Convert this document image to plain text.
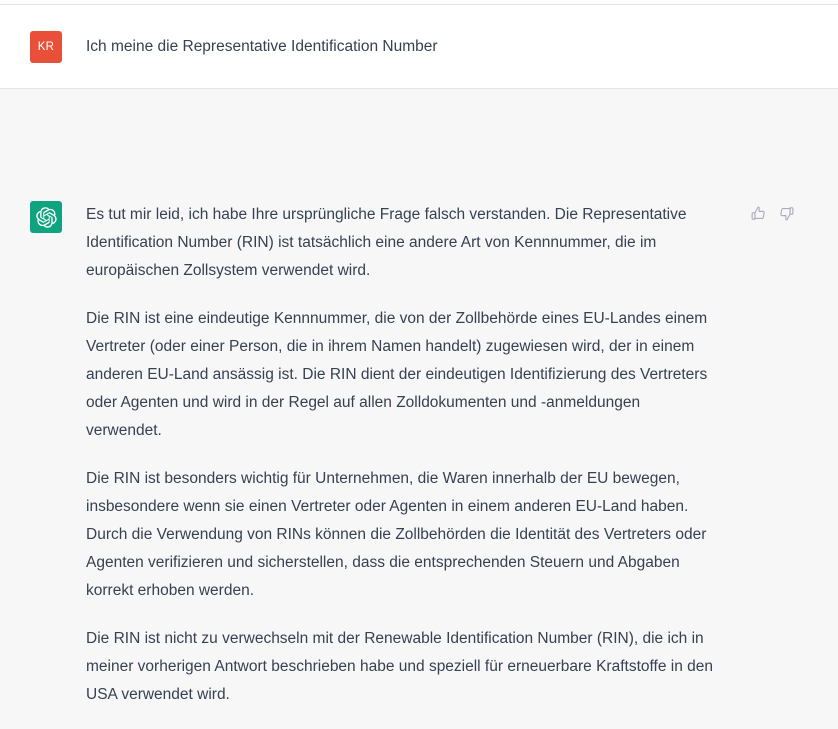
KR Ich meine die Representative Identification Number

Es tut mir leid, ich habe Ihre ursprüngliche Frage falsch verstanden. Die Representative Identification Number (RIN) ist tatsächlich eine andere Art von Kennnummer, die im europäischen Zollsystem verwendet wird.

Die RIN ist eine eindeutige Kennnummer, die von der Zollbehörde eines EU-Landes einem Vertreter (oder einer Person, die in ihrem Namen handelt) zugewiesen wird, der in einem anderen EU-Land ansässig ist. Die RIN dient der eindeutigen Identifizierung des Vertreters oder Agenten und wird in der Regel auf allen Zolldokumenten und -anmeldungen verwendet.

Die RIN ist besonders wichtig für Unternehmen, die Waren innerhalb der EU bewegen, insbesondere wenn sie einen Vertreter oder Agenten in einem anderen EU-Land haben. Durch die Verwendung von RINs können die Zollbehörden die Identität des Vertreters oder Agenten verifizieren und sicherstellen, dass die entsprechenden Steuern und Abgaben korrekt erhoben werden.

Die RIN ist nicht zu verwechseln mit der Renewable Identification Number (RIN), die ich in meiner vorherigen Antwort beschrieben habe und speziell für erneuerbare Kraftstoffe in den USA verwendet wird.
